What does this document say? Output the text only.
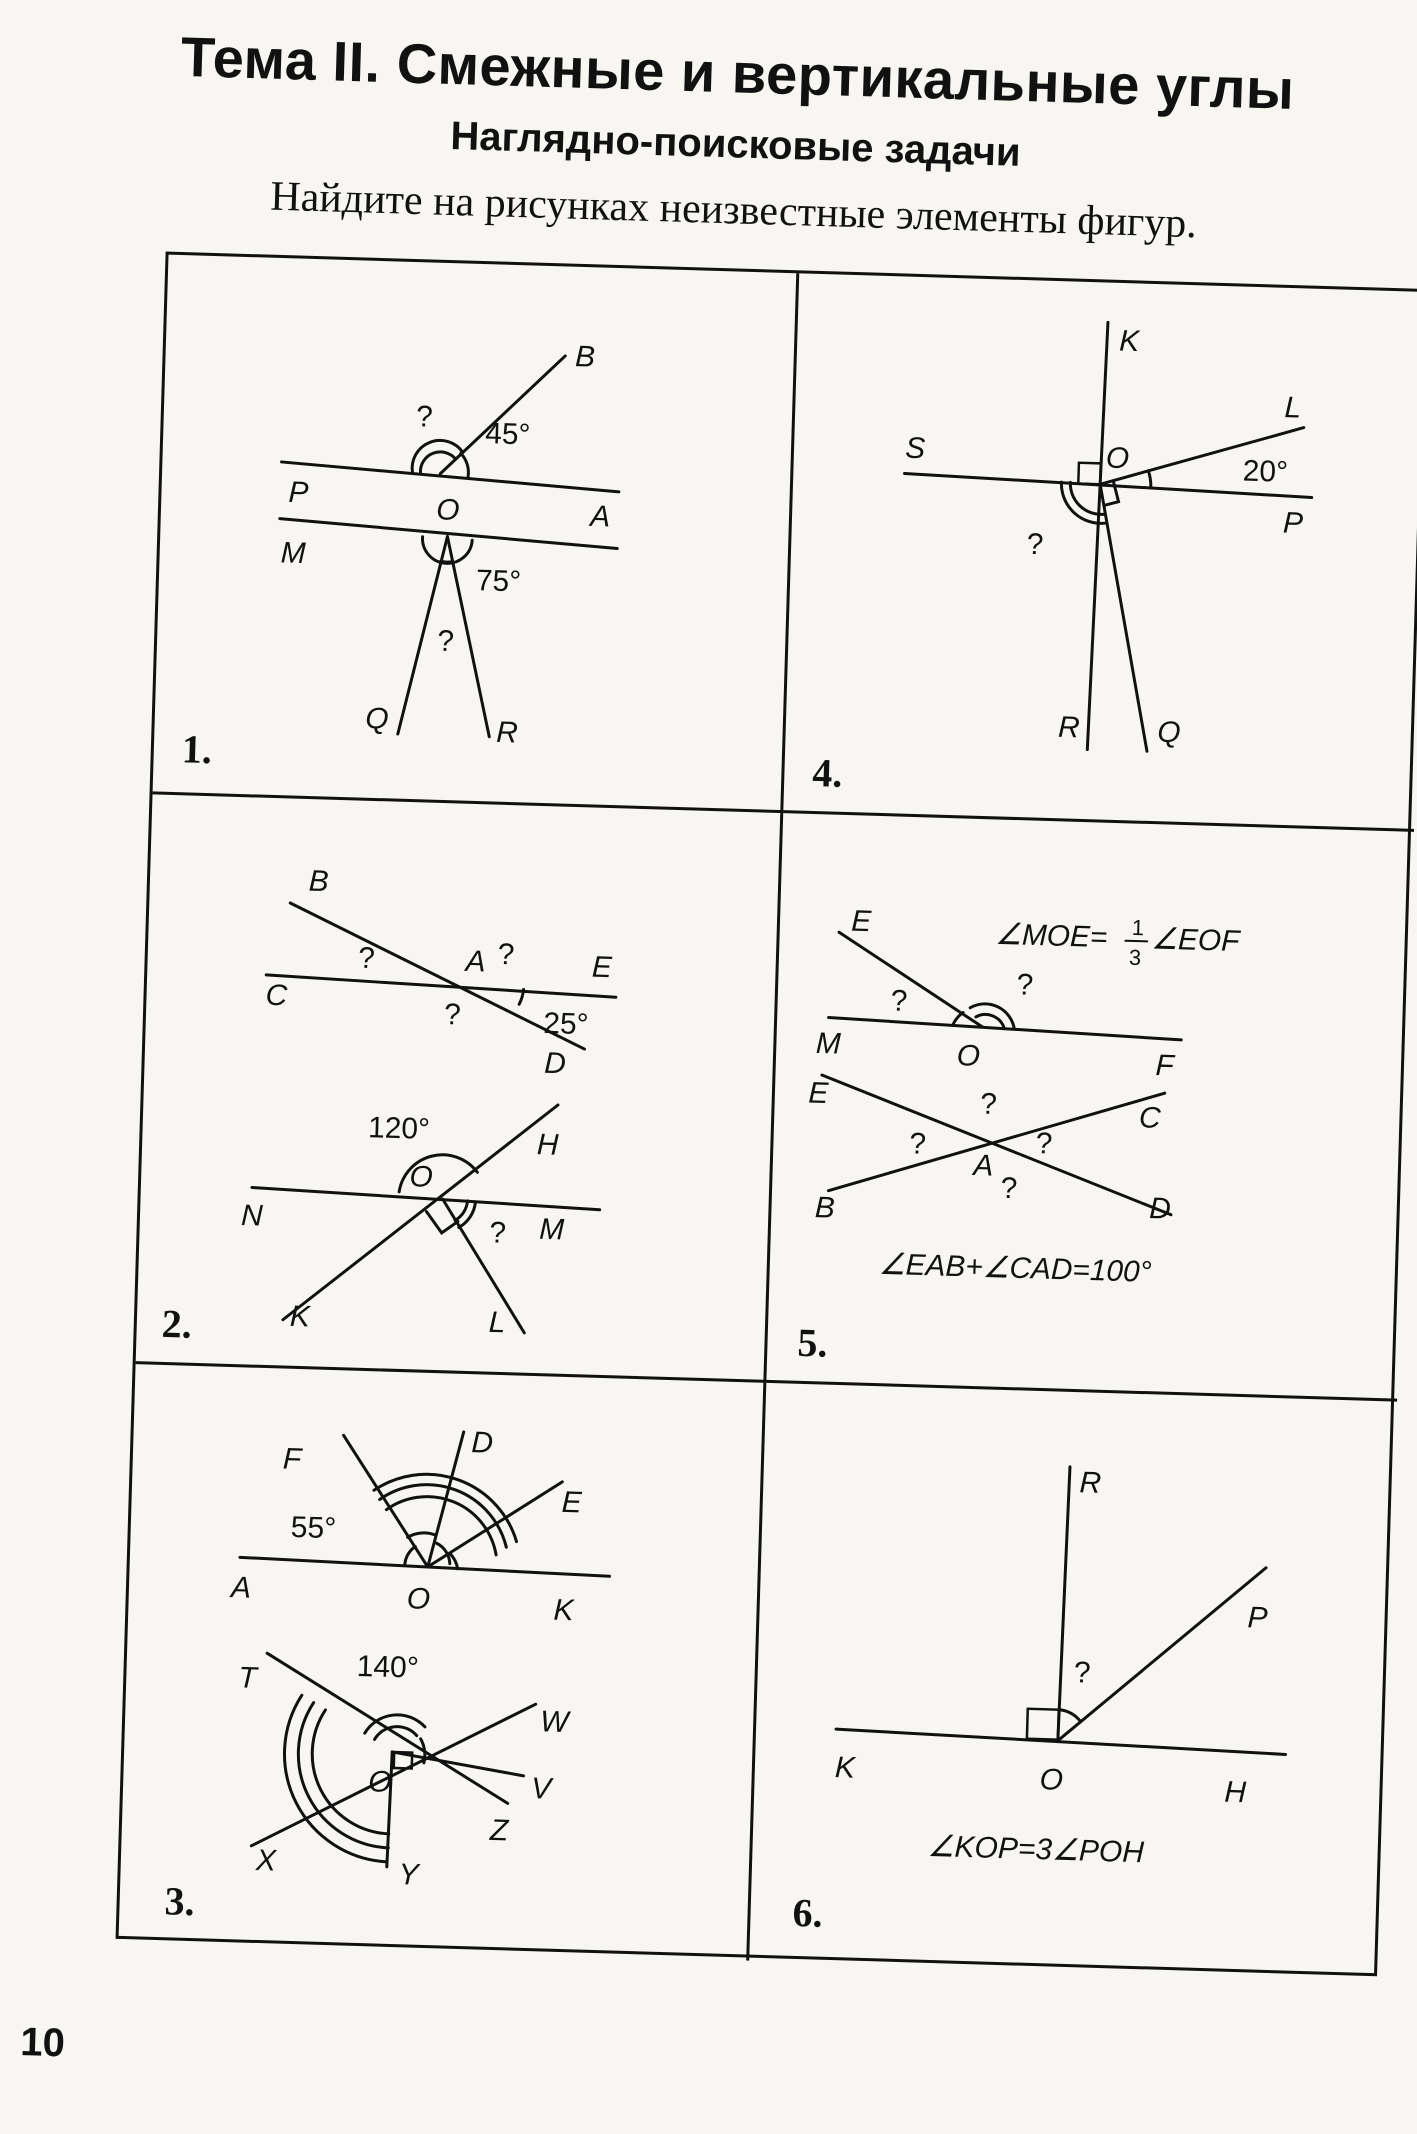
Тема II. Смежные и вертикальные углы
Наглядно-поисковые задачи

Найдите на рисунках неизвестные элементы фигур.

B
P
A
O
M
Q	R
45°
75°
?
?
1.
K
L
S	O
P
R	Q
20°
?
4.
B
C
A	E
D
25°
?	?
?
N
O
H
M
K	L
120°
?
2.
E
M	O	F
∠MOE= 1
3 ∠EOF
?	?
E
C
A
B	D
?
?	?
?
∠EAB+∠CAD=100°
5.
F	D
E
55°
A	O	K
T	140°
W
V
O
X
Z
Y
3.
R
P
?
K	O	H
∠KOP=3∠POH
6.
10
